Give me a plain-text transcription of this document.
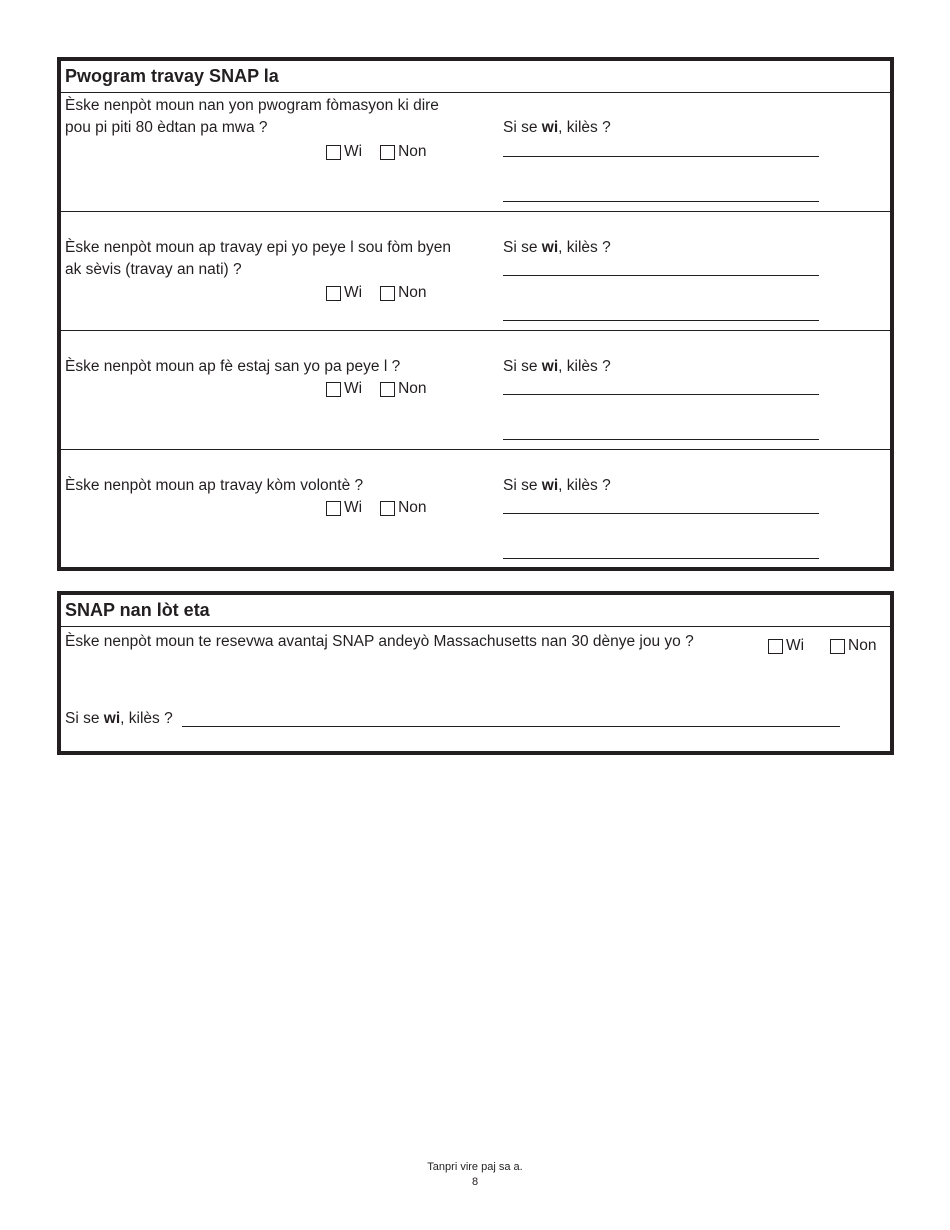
Pwogram travay SNAP la
Èske nenpòt moun nan yon pwogram fòmasyon ki dire pou pi piti 80 èdtan pa mwa ?
Wi Non
Si se wi, kilès ?
Èske nenpòt moun ap travay epi yo peye l sou fòm byen ak sèvis (travay an nati) ?
Wi Non
Si se wi, kilès ?
Èske nenpòt moun ap fè estaj san yo pa peye l ?
Wi Non
Si se wi, kilès ?
Èske nenpòt moun ap travay kòm volontè ?
Wi Non
Si se wi, kilès ?
SNAP nan lòt eta
Èske nenpòt moun te resevwa avantaj SNAP andeyò Massachusetts nan 30 dènye jou yo ?	Wi	Non
Si se wi, kilès ?
Tanpri vire paj sa a.
8
